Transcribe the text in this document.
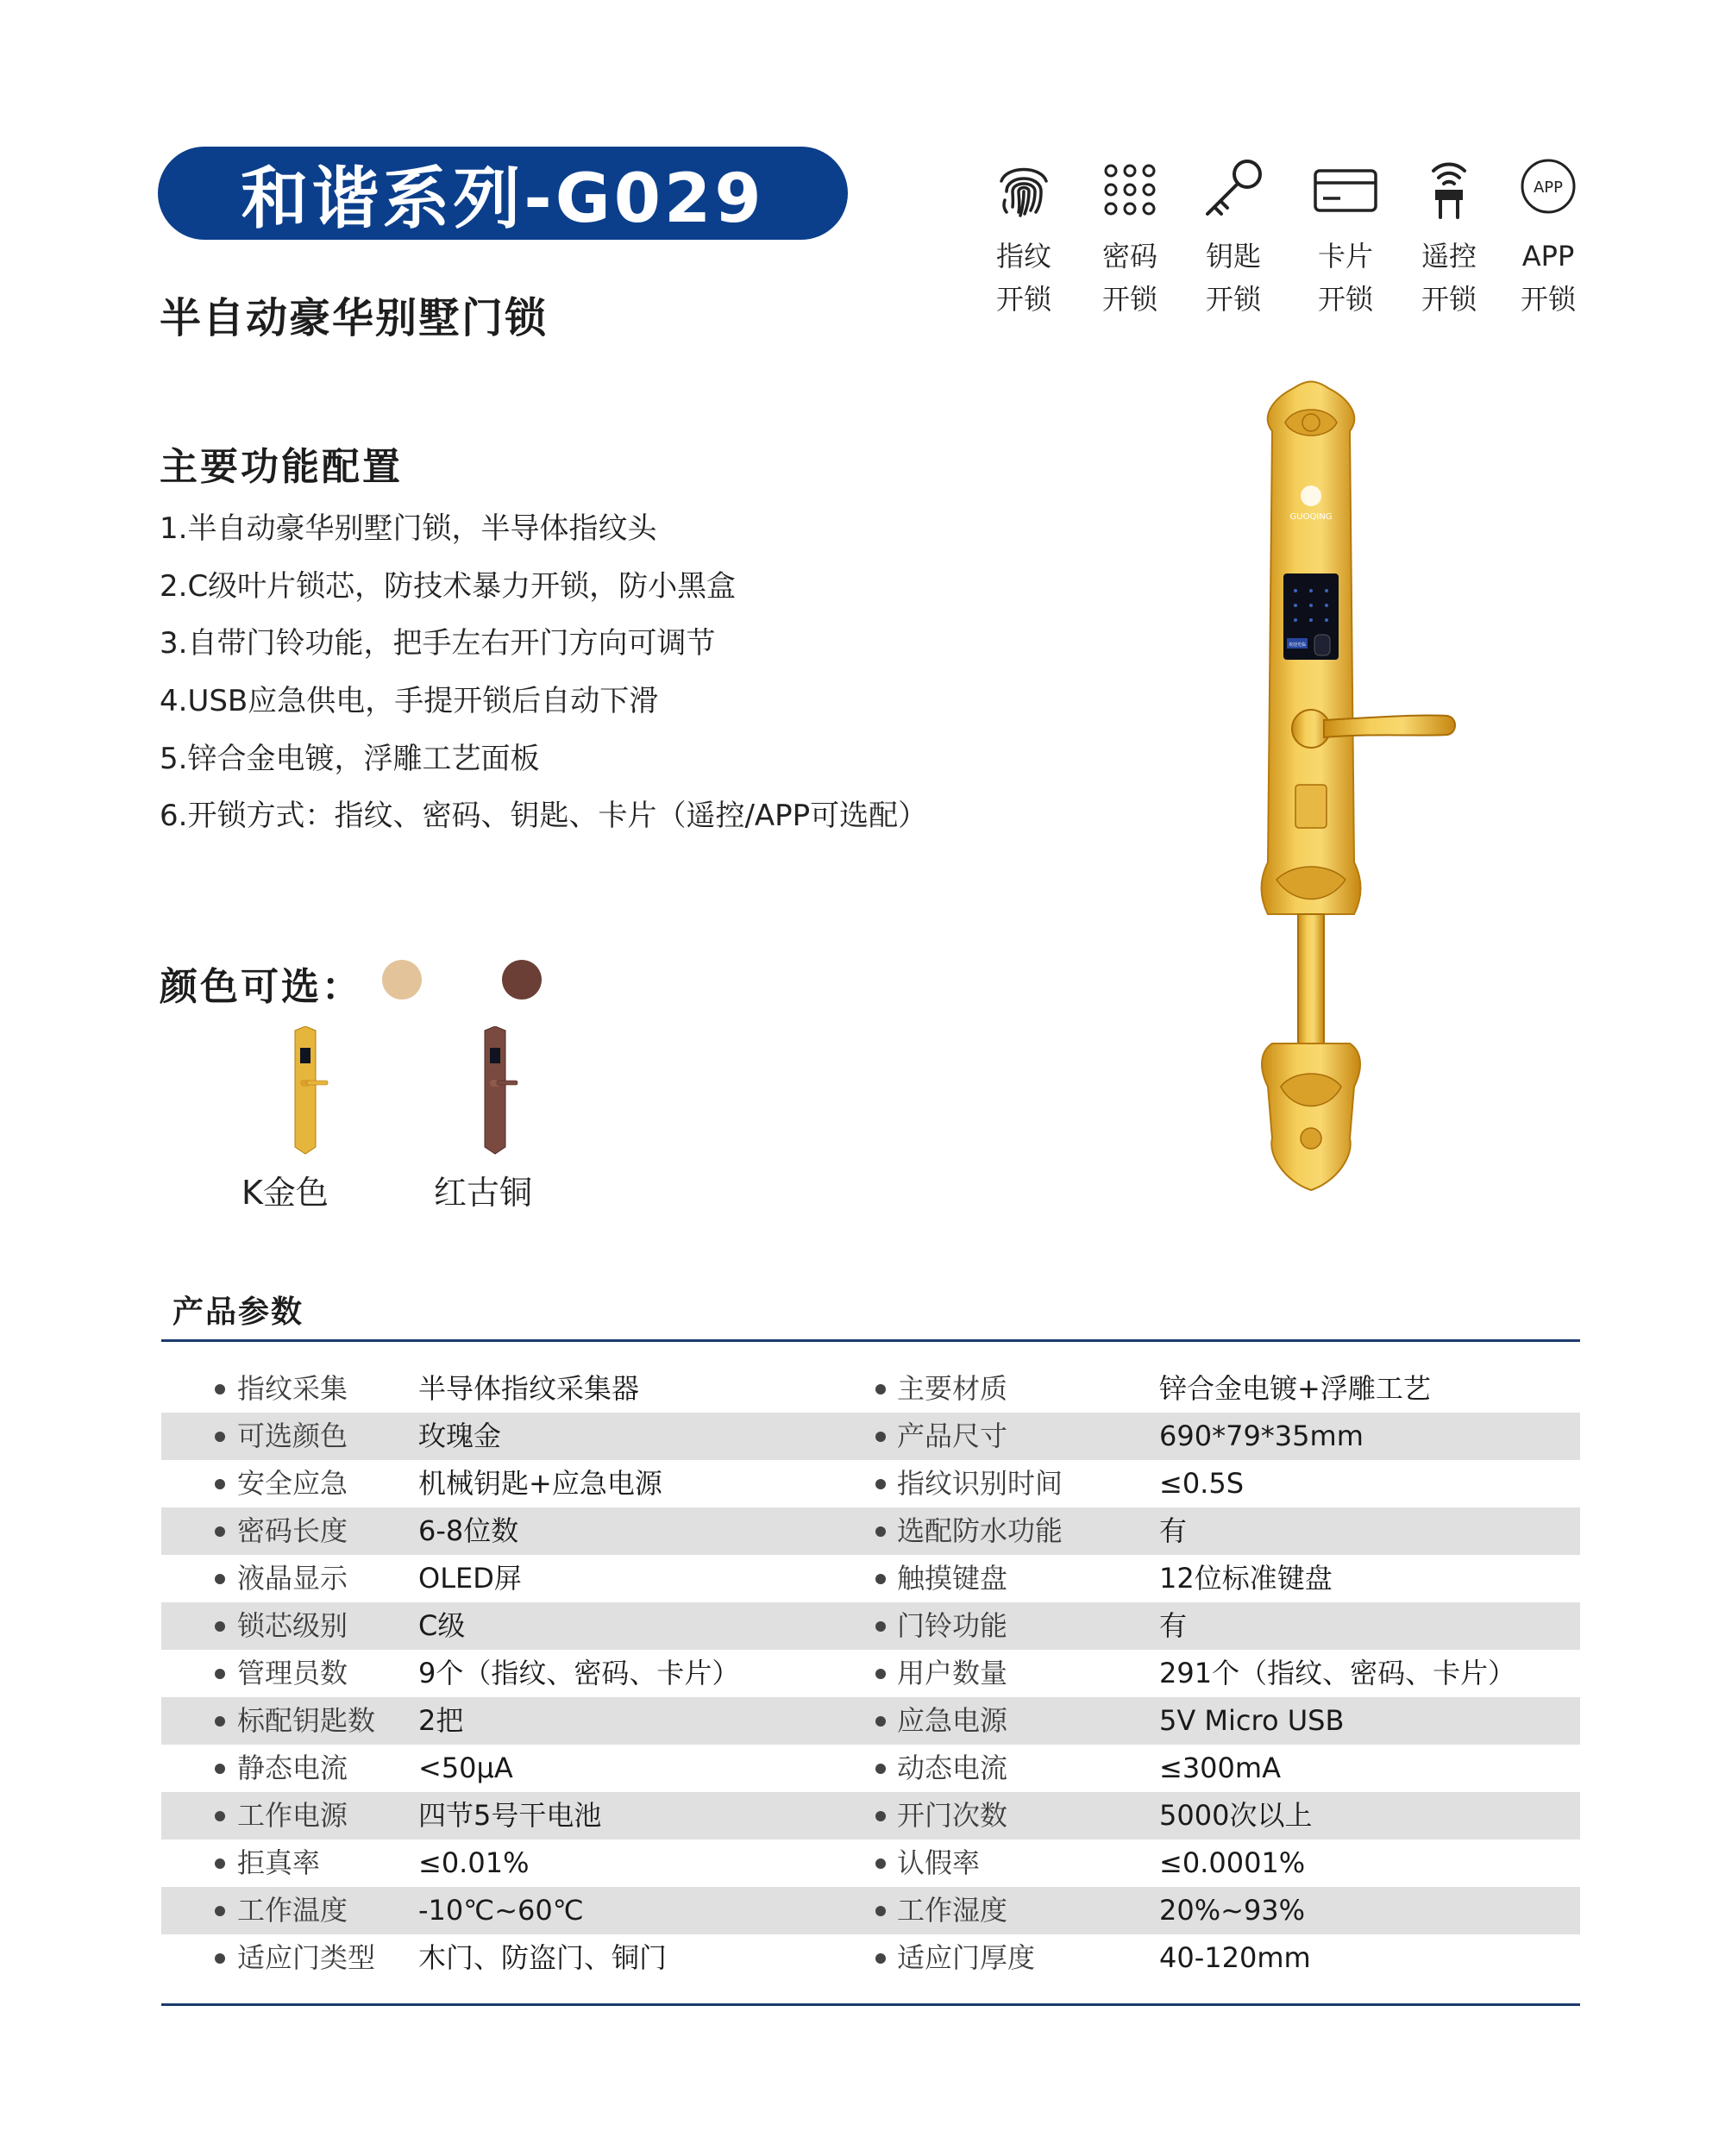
和谐系列-G029
半自动豪华别墅门锁
指纹
开锁
密码
开锁
钥匙
开锁
卡片
开锁
遥控
开锁
APP
APP
开锁
主要功能配置
1.半自动豪华别墅门锁，半导体指纹头
2.C级叶片锁芯，防技术暴力开锁，防小黑盒
3.自带门铃功能，把手左右开门方向可调节
4.USB应急供电，手提开锁后自动下滑
5.锌合金电镀，浮雕工艺面板
6.开锁方式：指纹、密码、钥匙、卡片（遥控/APP可选配）
GUOQING
欢迎光临
颜色可选：
K金色	红古铜
产品参数
指纹采集	半导体指纹采集器	主要材质	锌合金电镀+浮雕工艺
可选颜色	玫瑰金	产品尺寸	690*79*35mm
安全应急	机械钥匙+应急电源	指纹识别时间	≤0.5S
密码长度	6-8位数	选配防水功能	有
液晶显示	OLED屏	触摸键盘	12位标准键盘
锁芯级别	C级	门铃功能	有
管理员数	9个（指纹、密码、卡片）	用户数量	291个（指纹、密码、卡片）
标配钥匙数 2把	应急电源	5V Micro USB
静态电流	<50μA	动态电流	≤300mA
工作电源	四节5号干电池	开门次数	5000次以上
拒真率	≤0.01%	认假率	≤0.0001%
工作温度	-10℃~60℃	工作湿度	20%~93%
适应门类型 木门、防盗门、铜门	适应门厚度	40-120mm
